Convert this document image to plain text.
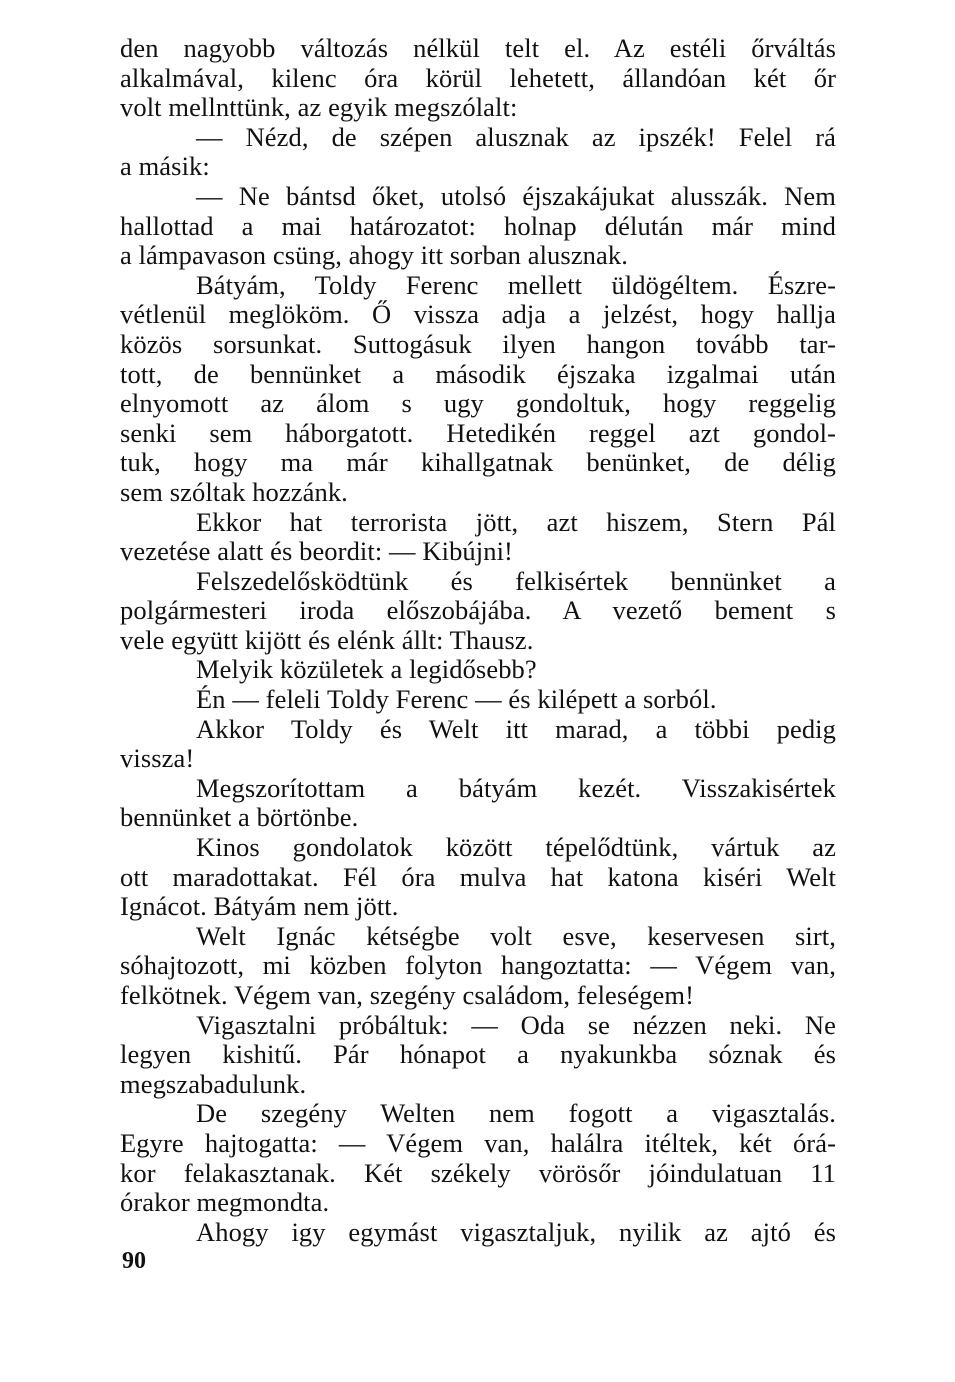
den nagyobb változás nélkül telt el. Az estéli őrváltás
alkalmával, kilenc óra körül lehetett, állandóan két őr
volt mellnttünk, az egyik megszólalt:
— Nézd, de szépen alusznak az ipszék! Felel rá
a másik:
— Ne bántsd őket, utolsó éjszakájukat alusszák. Nem
hallottad a mai határozatot: holnap délután már mind
a lámpavason csüng, ahogy itt sorban alusznak.
Bátyám, Toldy Ferenc mellett üldögéltem. Észre-
vétlenül meglököm. Ő vissza adja a jelzést, hogy hallja
közös sorsunkat. Suttogásuk ilyen hangon tovább tar-
tott, de bennünket a második éjszaka izgalmai után
elnyomott az álom s ugy gondoltuk, hogy reggelig
senki sem háborgatott. Hetedikén reggel azt gondol-
tuk, hogy ma már kihallgatnak benünket, de délig
sem szóltak hozzánk.
Ekkor hat terrorista jött, azt hiszem, Stern Pál
vezetése alatt és beordit: — Kibújni!
Felszedelősködtünk és felkisértek bennünket a
polgármesteri iroda előszobájába. A vezető bement s
vele együtt kijött és elénk állt: Thausz.
Melyik közületek a legidősebb?
Én — feleli Toldy Ferenc — és kilépett a sorból.
Akkor Toldy és Welt itt marad, a többi pedig
vissza!
Megszorítottam a bátyám kezét. Visszakisértek
bennünket a börtönbe.
Kinos gondolatok között tépelődtünk, vártuk az
ott maradottakat. Fél óra mulva hat katona kiséri Welt
Ignácot. Bátyám nem jött.
Welt Ignác kétségbe volt esve, keservesen sirt,
sóhajtozott, mi közben folyton hangoztatta: — Végem van,
felkötnek. Végem van, szegény családom, feleségem!
Vigasztalni próbáltuk: — Oda se nézzen neki. Ne
legyen kishitű. Pár hónapot a nyakunkba sóznak és
megszabadulunk.
De szegény Welten nem fogott a vigasztalás.
Egyre hajtogatta: — Végem van, halálra itéltek, két órá-
kor felakasztanak. Két székely vörösőr jóindulatuan 11
órakor megmondta.
Ahogy igy egymást vigasztaljuk, nyilik az ajtó és
90
